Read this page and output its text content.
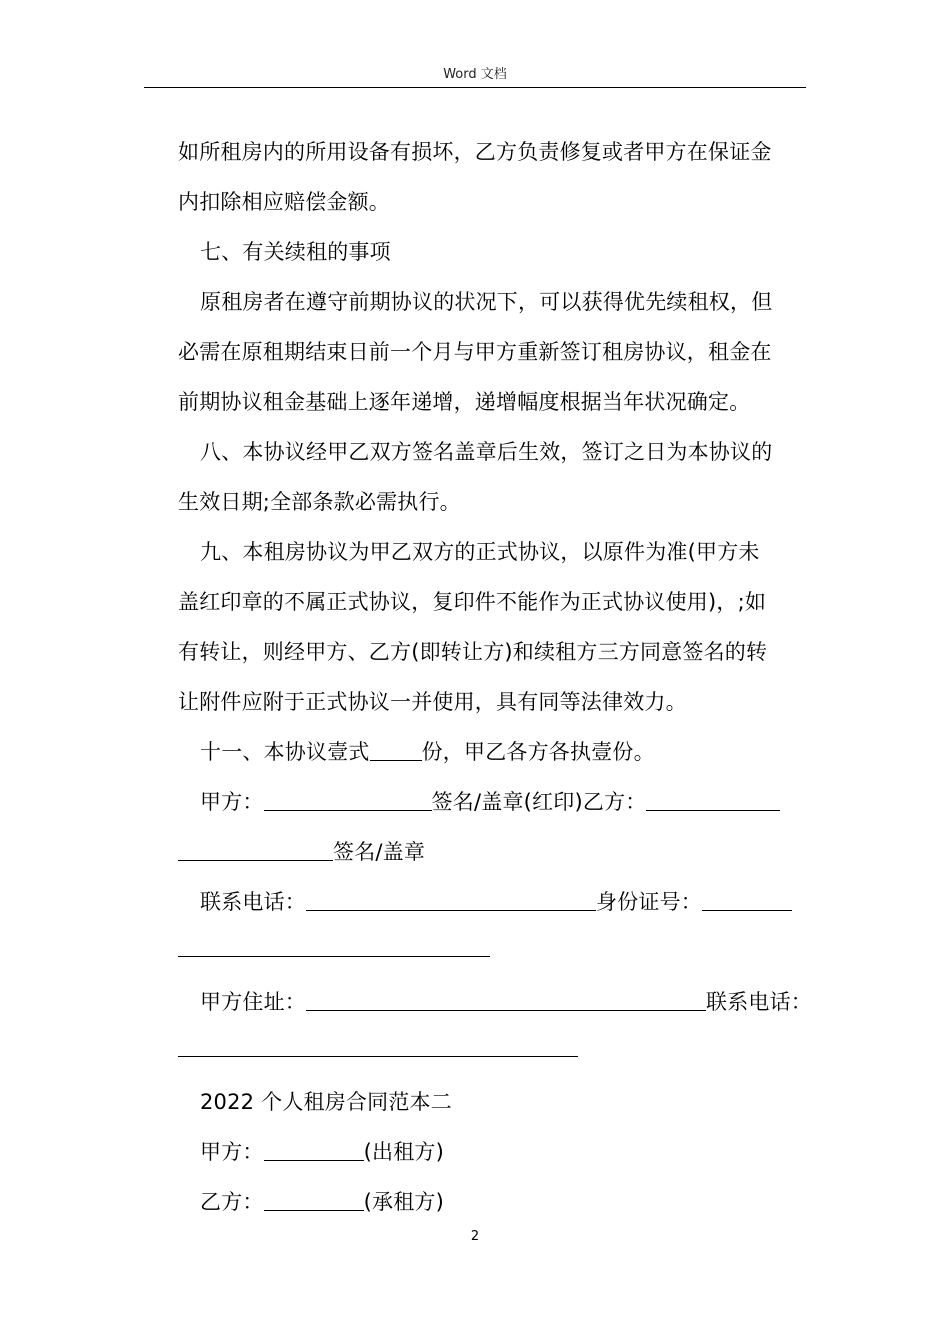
Word 文档
如所租房内的所用设备有损坏，乙方负责修复或者甲方在保证金
内扣除相应赔偿金额。
七、有关续租的事项
原租房者在遵守前期协议的状况下，可以获得优先续租权，但
必需在原租期结束日前一个月与甲方重新签订租房协议，租金在
前期协议租金基础上逐年递增，递增幅度根据当年状况确定。
八、本协议经甲乙双方签名盖章后生效，签订之日为本协议的
生效日期;全部条款必需执行。
九、本租房协议为甲乙双方的正式协议，以原件为准(甲方未
盖红印章的不属正式协议，复印件不能作为正式协议使用)，;如
有转让，则经甲方、乙方(即转让方)和续租方三方同意签名的转
让附件应附于正式协议一并使用，具有同等法律效力。
十一、本协议壹式 份，甲乙各方各执壹份。
甲方：	签名/盖章(红印)乙方：
签名/盖章
联系电话：	身份证号：
甲方住址：	联系电话：
2022 个人租房合同范本二
甲方：	(出租方)
乙方：	(承租方)
2
